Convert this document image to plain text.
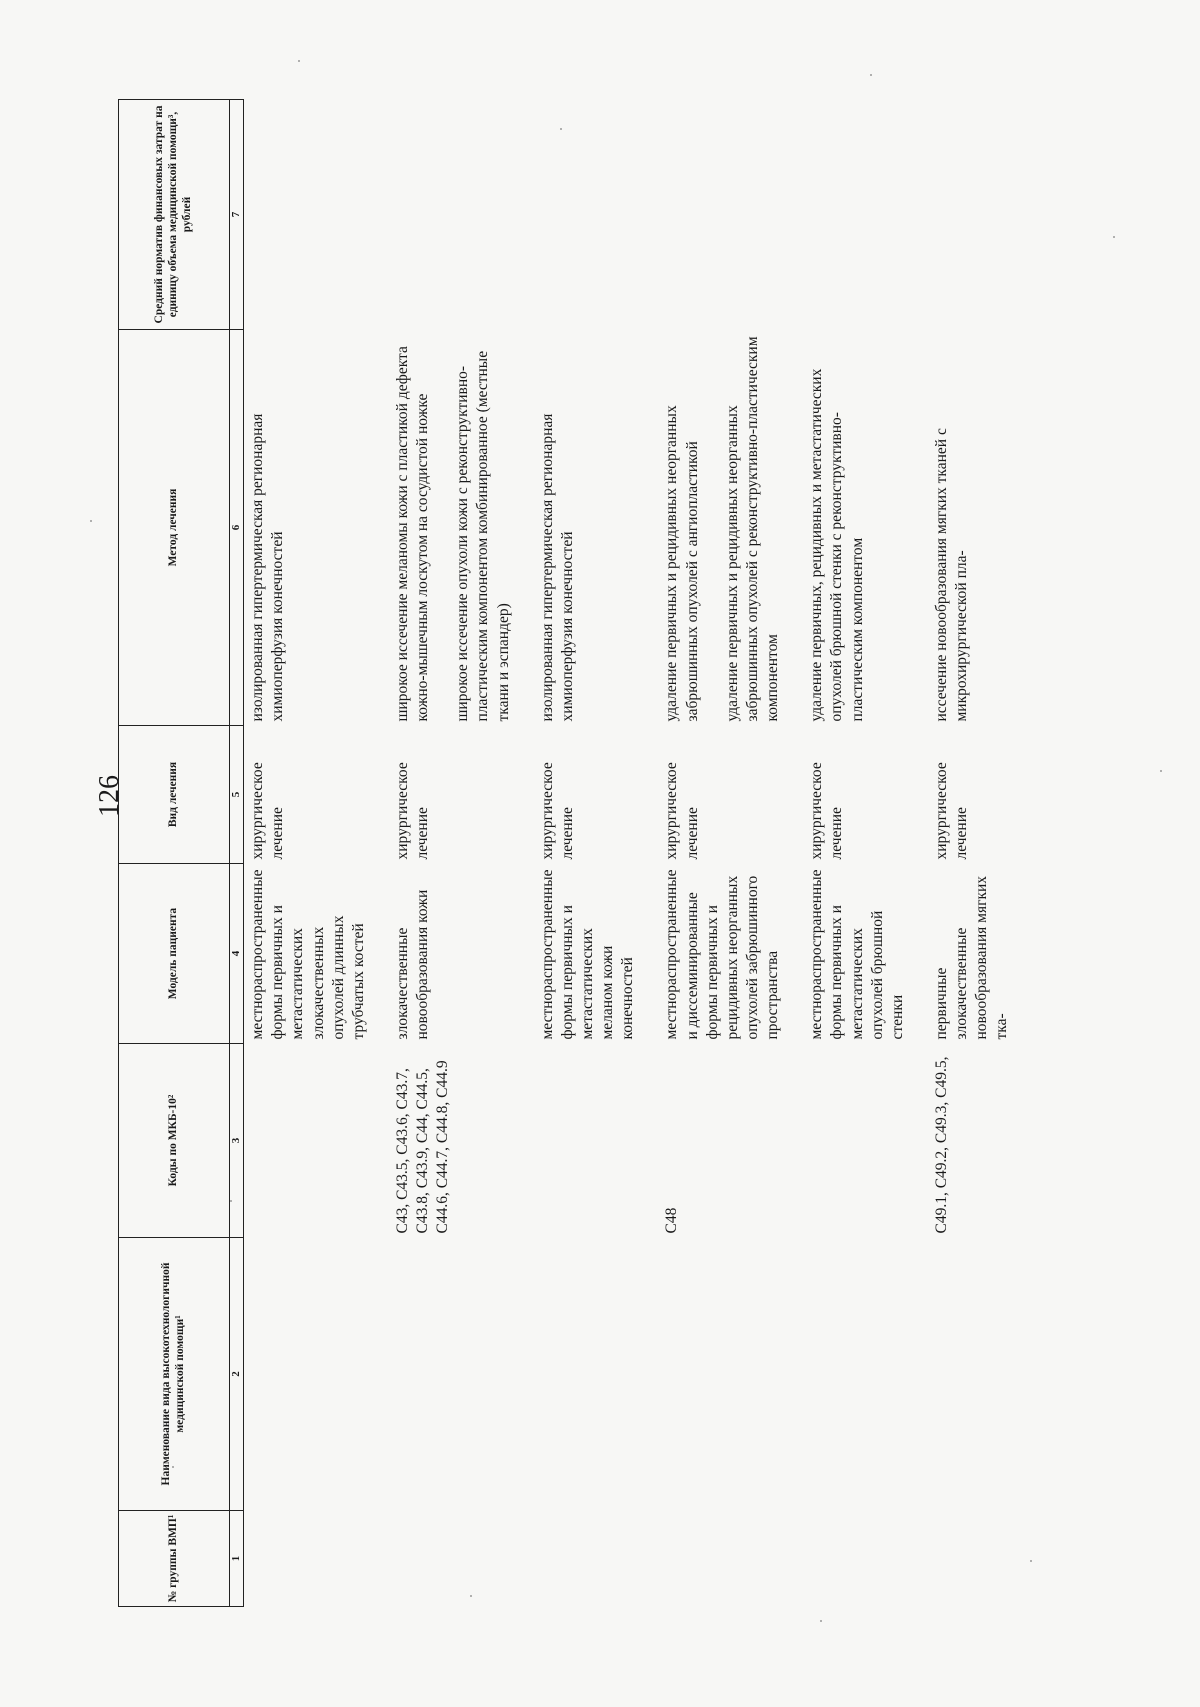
126
№ группы ВМП¹	Наименование вида высокотехнологичной медицинской помощи¹	Коды по МКБ-10²	Модель пациента	Вид лечения	Метод лечения	Средний норматив финансовых затрат на единицу объема медицинской помощи³, рублей
1	2	3	4	5	6	7
			местнораспространенные формы первичных и метастатических злокачественных опухолей длинных трубчатых костей	хирургическое лечение	изолированная гипертермическая регионарная химиоперфузия конечностей	

		C43, C43.5, C43.6, C43.7, C43.8, C43.9, C44, C44.5, C44.6, C44.7, C44.8, C44.9	злокачественные новообразования кожи	хирургическое лечение	широкое иссечение меланомы кожи с пластикой дефекта кожно-мышечным лоскутом на сосудистой ножке широкое иссечение опухоли кожи с реконструктивно-пластическим компонентом комбинированное (местные ткани и эспандер)	

			местнораспространенные формы первичных и метастатических меланом кожи конечностей	хирургическое лечение	изолированная гипертермическая регионарная химиоперфузия конечностей	

		C48	местнораспространенные и диссеминированные формы первичных и рецидивных неорганных опухолей забрюшинного пространства	хирургическое лечение	удаление первичных и рецидивных неорганных забрюшинных опухолей с ангиопластикой удаление первичных и рецидивных неорганных забрюшинных опухолей с реконструктивно-пластическим компонентом	

			местнораспространенные формы первичных и метастатических опухолей брюшной стенки	хирургическое лечение	удаление первичных, рецидивных и метастатических опухолей брюшной стенки с реконструктивно-пластическим компонентом	

		C49.1, C49.2, C49.3, C49.5,	первичные злокачественные новообразования мягких тка-	хирургическое лечение	иссечение новообразования мягких тканей с микрохирургической пла-	
